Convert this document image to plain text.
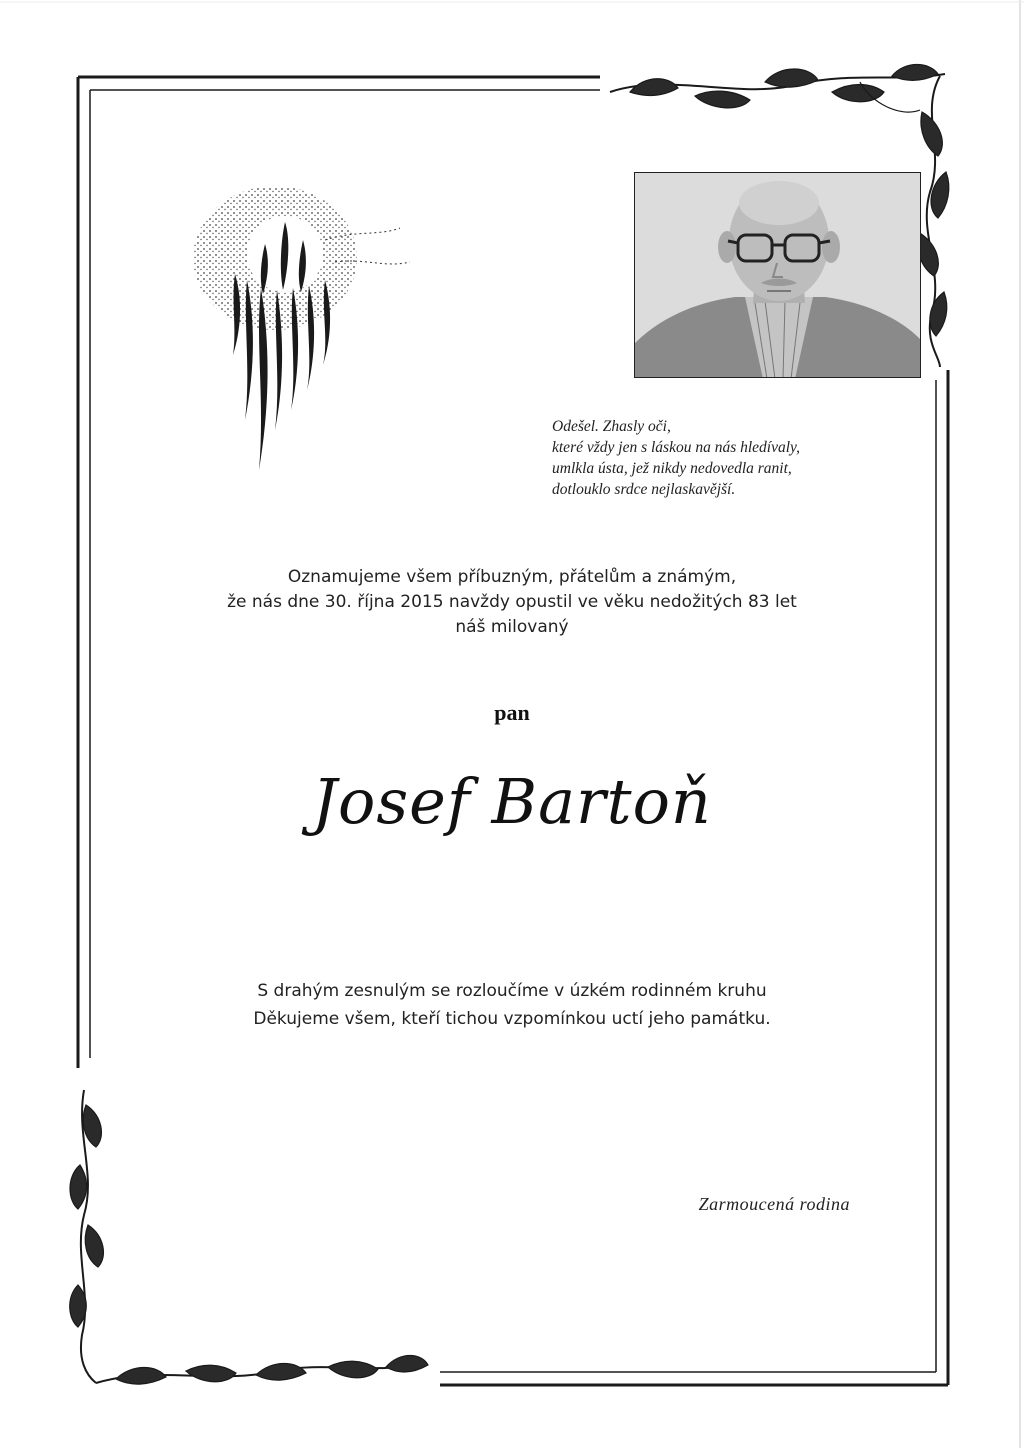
Odešel. Zhasly oči,
které vždy jen s láskou na nás hledívaly,
umlkla ústa, jež nikdy nedovedla ranit,
dotlouklo srdce nejlaskavější.
Oznamujeme všem příbuzným, přátelům a známým,
že nás dne 30. října 2015 navždy opustil ve věku nedožitých 83 let
náš milovaný
pan
Josef Bartoň
S drahým zesnulým se rozloučíme v úzkém rodinném kruhu
Děkujeme všem, kteří tichou vzpomínkou uctí jeho památku.
Zarmoucená rodina
